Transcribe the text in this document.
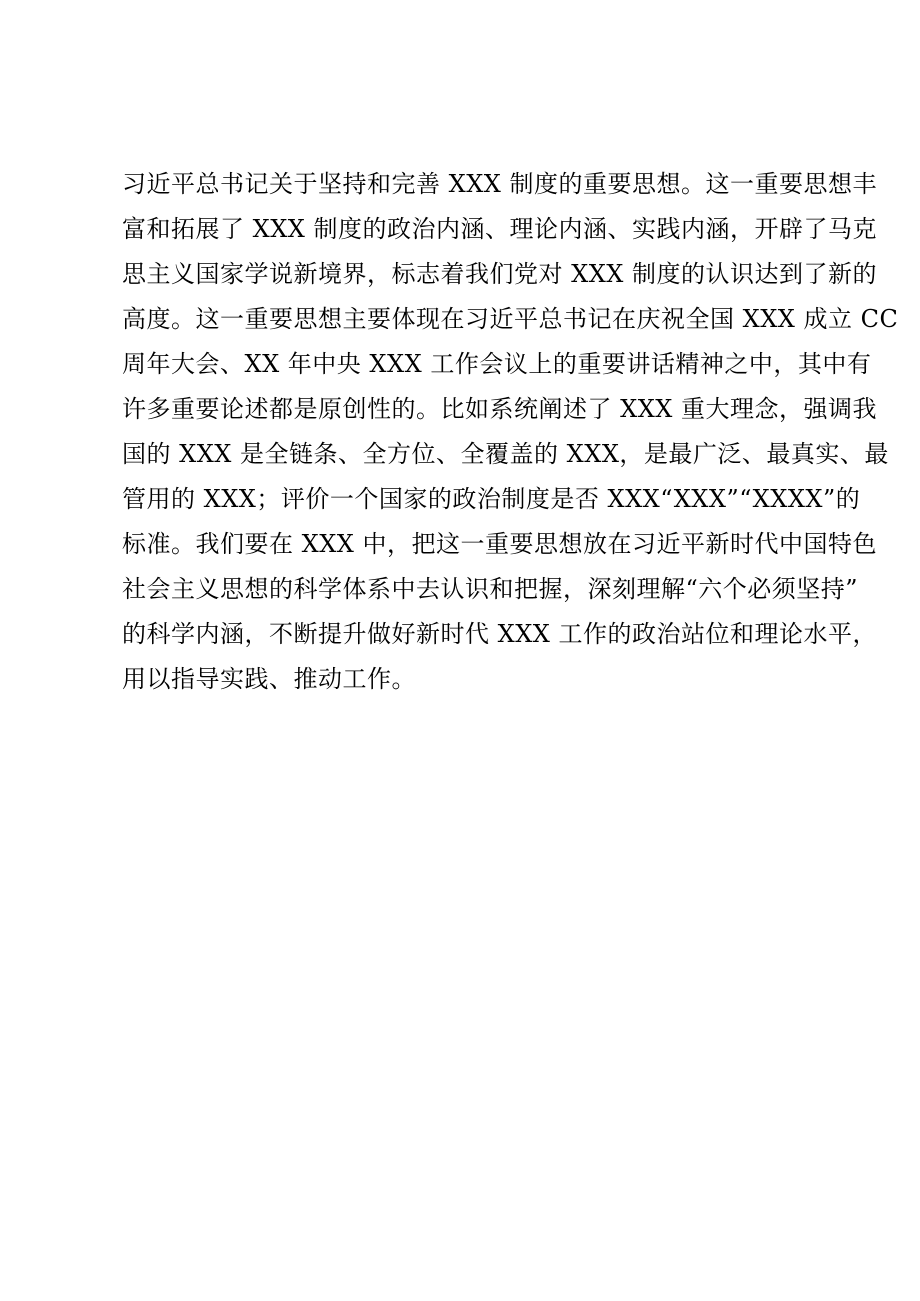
习近平总书记关于坚持和完善 XXX 制度的重要思想。这一重要思想丰
富和拓展了 XXX 制度的政治内涵、理论内涵、实践内涵，开辟了马克
思主义国家学说新境界，标志着我们党对 XXX 制度的认识达到了新的
高度。这一重要思想主要体现在习近平总书记在庆祝全国 XXX 成立 CC
周年大会、XX 年中央 XXX 工作会议上的重要讲话精神之中，其中有
许多重要论述都是原创性的。比如系统阐述了 XXX 重大理念，强调我
国的 XXX 是全链条、全方位、全覆盖的 XXX，是最广泛、最真实、最
管用的 XXX；评价一个国家的政治制度是否 XXX“XXX”“XXXX”的
标准。我们要在 XXX 中，把这一重要思想放在习近平新时代中国特色
社会主义思想的科学体系中去认识和把握，深刻理解“六个必须坚持”
的科学内涵，不断提升做好新时代 XXX 工作的政治站位和理论水平，
用以指导实践、推动工作。
